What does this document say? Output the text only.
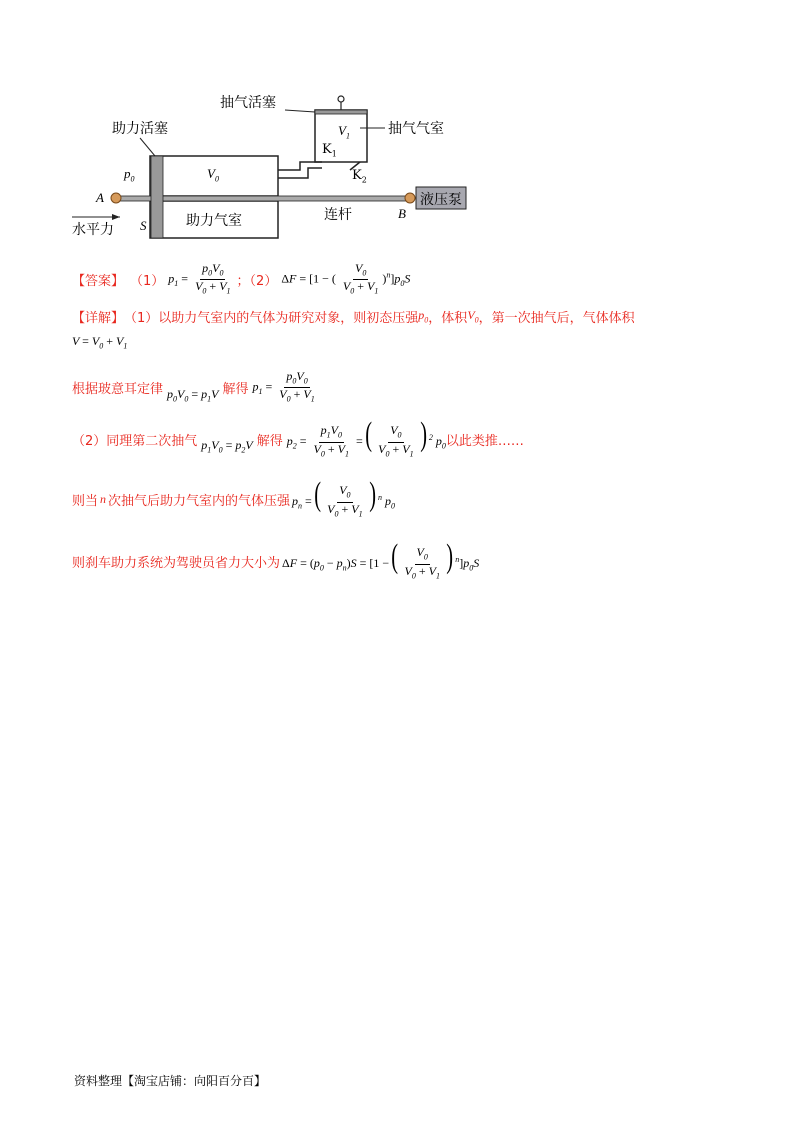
抽气活塞
助力活塞	抽气气室
$V_1$
$K_1$
$K_2$
$p_0$	$V_0$
A
B
S	助力气室	连杆
液压泵
水平力
【答案】 （1） $p_1 = \frac{p_0V_0}{V_0 + V_1}$ ；（2） ΔF = [1 − ( $\frac{V_0}{V_0 + V_1} )^n]p_0S$
【详解】 （1）以助力气室内的气体为研究对象，则初态压强 $p_0$ ，体积 $V_0$ ，第一次抽气后，气体体积
$V = V_0 + V_1$
根据玻意耳定律 $p_0V_0 = p_1V$ 解得 $p_1 = \frac{p_0V_0}{V_0 + V_1}$
（2）同理第二次抽气 $p_1V_0 = p_2V$ 解得 $p_2 = \frac{p_1V_0}{V_0 + V_1}$ =( $\frac{V_0}{V_0 + V_1}$ ) $^2$ $p_0$ 以此类推……
则当 n 次抽气后助力气室内的气体压强 $p_n$ =( $\frac{V_0}{V_0 + V_1}$ ) $^n$ $p_0$
则刹车助力系统为驾驶员省力大小为 $\Delta F = (p_0 - p_n)S = [1$ −( $\frac{V_0}{V_0 + V_1}$ ) $^n]p_0S$
资料整理【淘宝店铺：向阳百分百】
